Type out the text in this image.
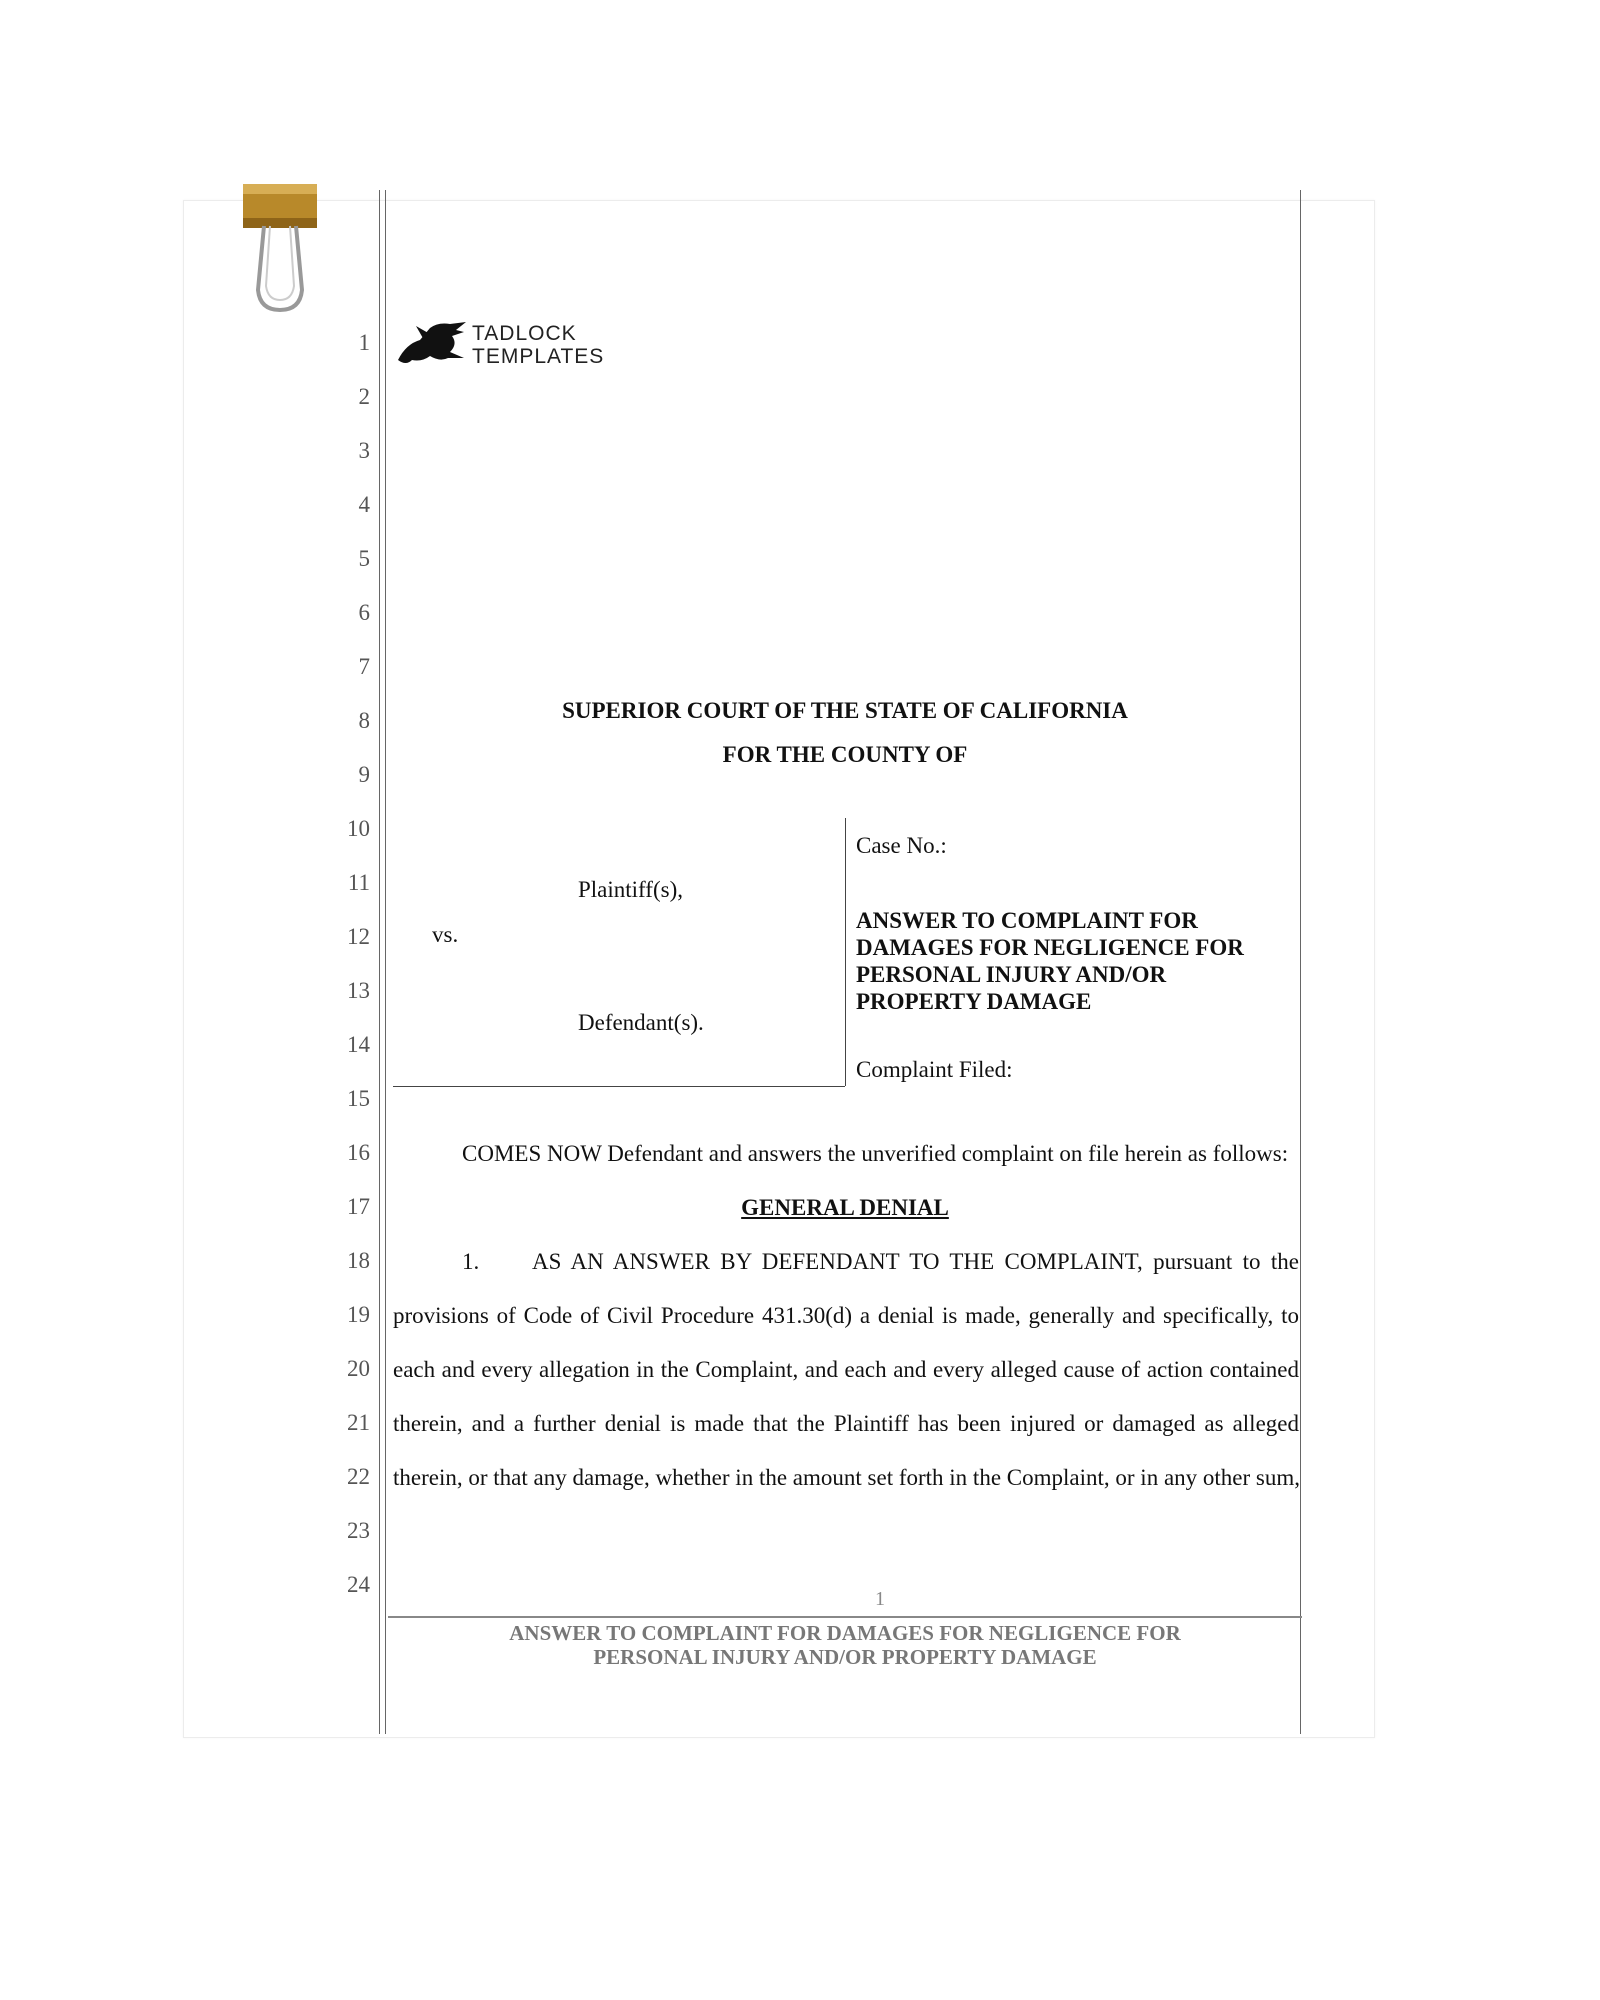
1
2
3
4
5
6
7
8
9
10
11
12
13
14
15
16
17
18
19
20
21
22
23
24
TADLOCK
TEMPLATES
SUPERIOR COURT OF THE STATE OF CALIFORNIA
FOR THE COUNTY OF
Plaintiff(s),
vs.
Defendant(s).
Case No.:
ANSWER TO COMPLAINT FOR
DAMAGES FOR NEGLIGENCE FOR
PERSONAL INJURY AND/OR
PROPERTY DAMAGE
Complaint Filed:
COMES NOW Defendant and answers the unverified complaint on file herein as follows:
GENERAL DENIAL
1. AS AN ANSWER BY DEFENDANT TO THE COMPLAINT, pursuant to the
provisions of Code of Civil Procedure 431.30(d) a denial is made, generally and specifically, to
each and every allegation in the Complaint, and each and every alleged cause of action contained
therein, and a further denial is made that the Plaintiff has been injured or damaged as alleged
therein, or that any damage, whether in the amount set forth in the Complaint, or in any other sum,
1
ANSWER TO COMPLAINT FOR DAMAGES FOR NEGLIGENCE FOR
PERSONAL INJURY AND/OR PROPERTY DAMAGE
